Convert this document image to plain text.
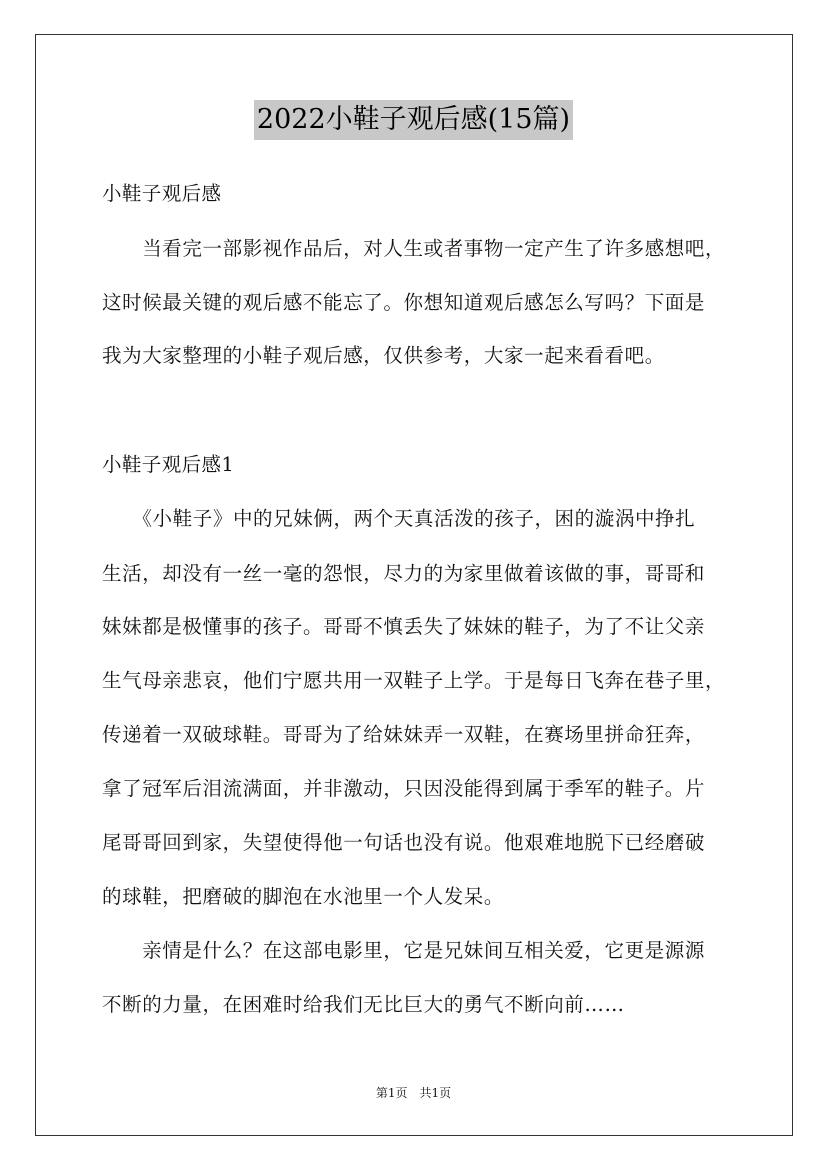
2022小鞋子观后感(15篇)
小鞋子观后感
　　当看完一部影视作品后，对人生或者事物一定产生了许多感想吧，
这时候最关键的观后感不能忘了。你想知道观后感怎么写吗？下面是
我为大家整理的小鞋子观后感，仅供参考，大家一起来看看吧。
小鞋子观后感1
　　《小鞋子》中的兄妹俩，两个天真活泼的孩子，困的漩涡中挣扎
生活，却没有一丝一毫的怨恨，尽力的为家里做着该做的事，哥哥和
妹妹都是极懂事的孩子。哥哥不慎丢失了妹妹的鞋子，为了不让父亲
生气母亲悲哀，他们宁愿共用一双鞋子上学。于是每日飞奔在巷子里，
传递着一双破球鞋。哥哥为了给妹妹弄一双鞋，在赛场里拼命狂奔，
拿了冠军后泪流满面，并非激动，只因没能得到属于季军的鞋子。片
尾哥哥回到家，失望使得他一句话也没有说。他艰难地脱下已经磨破
的球鞋，把磨破的脚泡在水池里一个人发呆。
　　亲情是什么？在这部电影里，它是兄妹间互相关爱，它更是源源
不断的力量，在困难时给我们无比巨大的勇气不断向前……
第1页　共1页
